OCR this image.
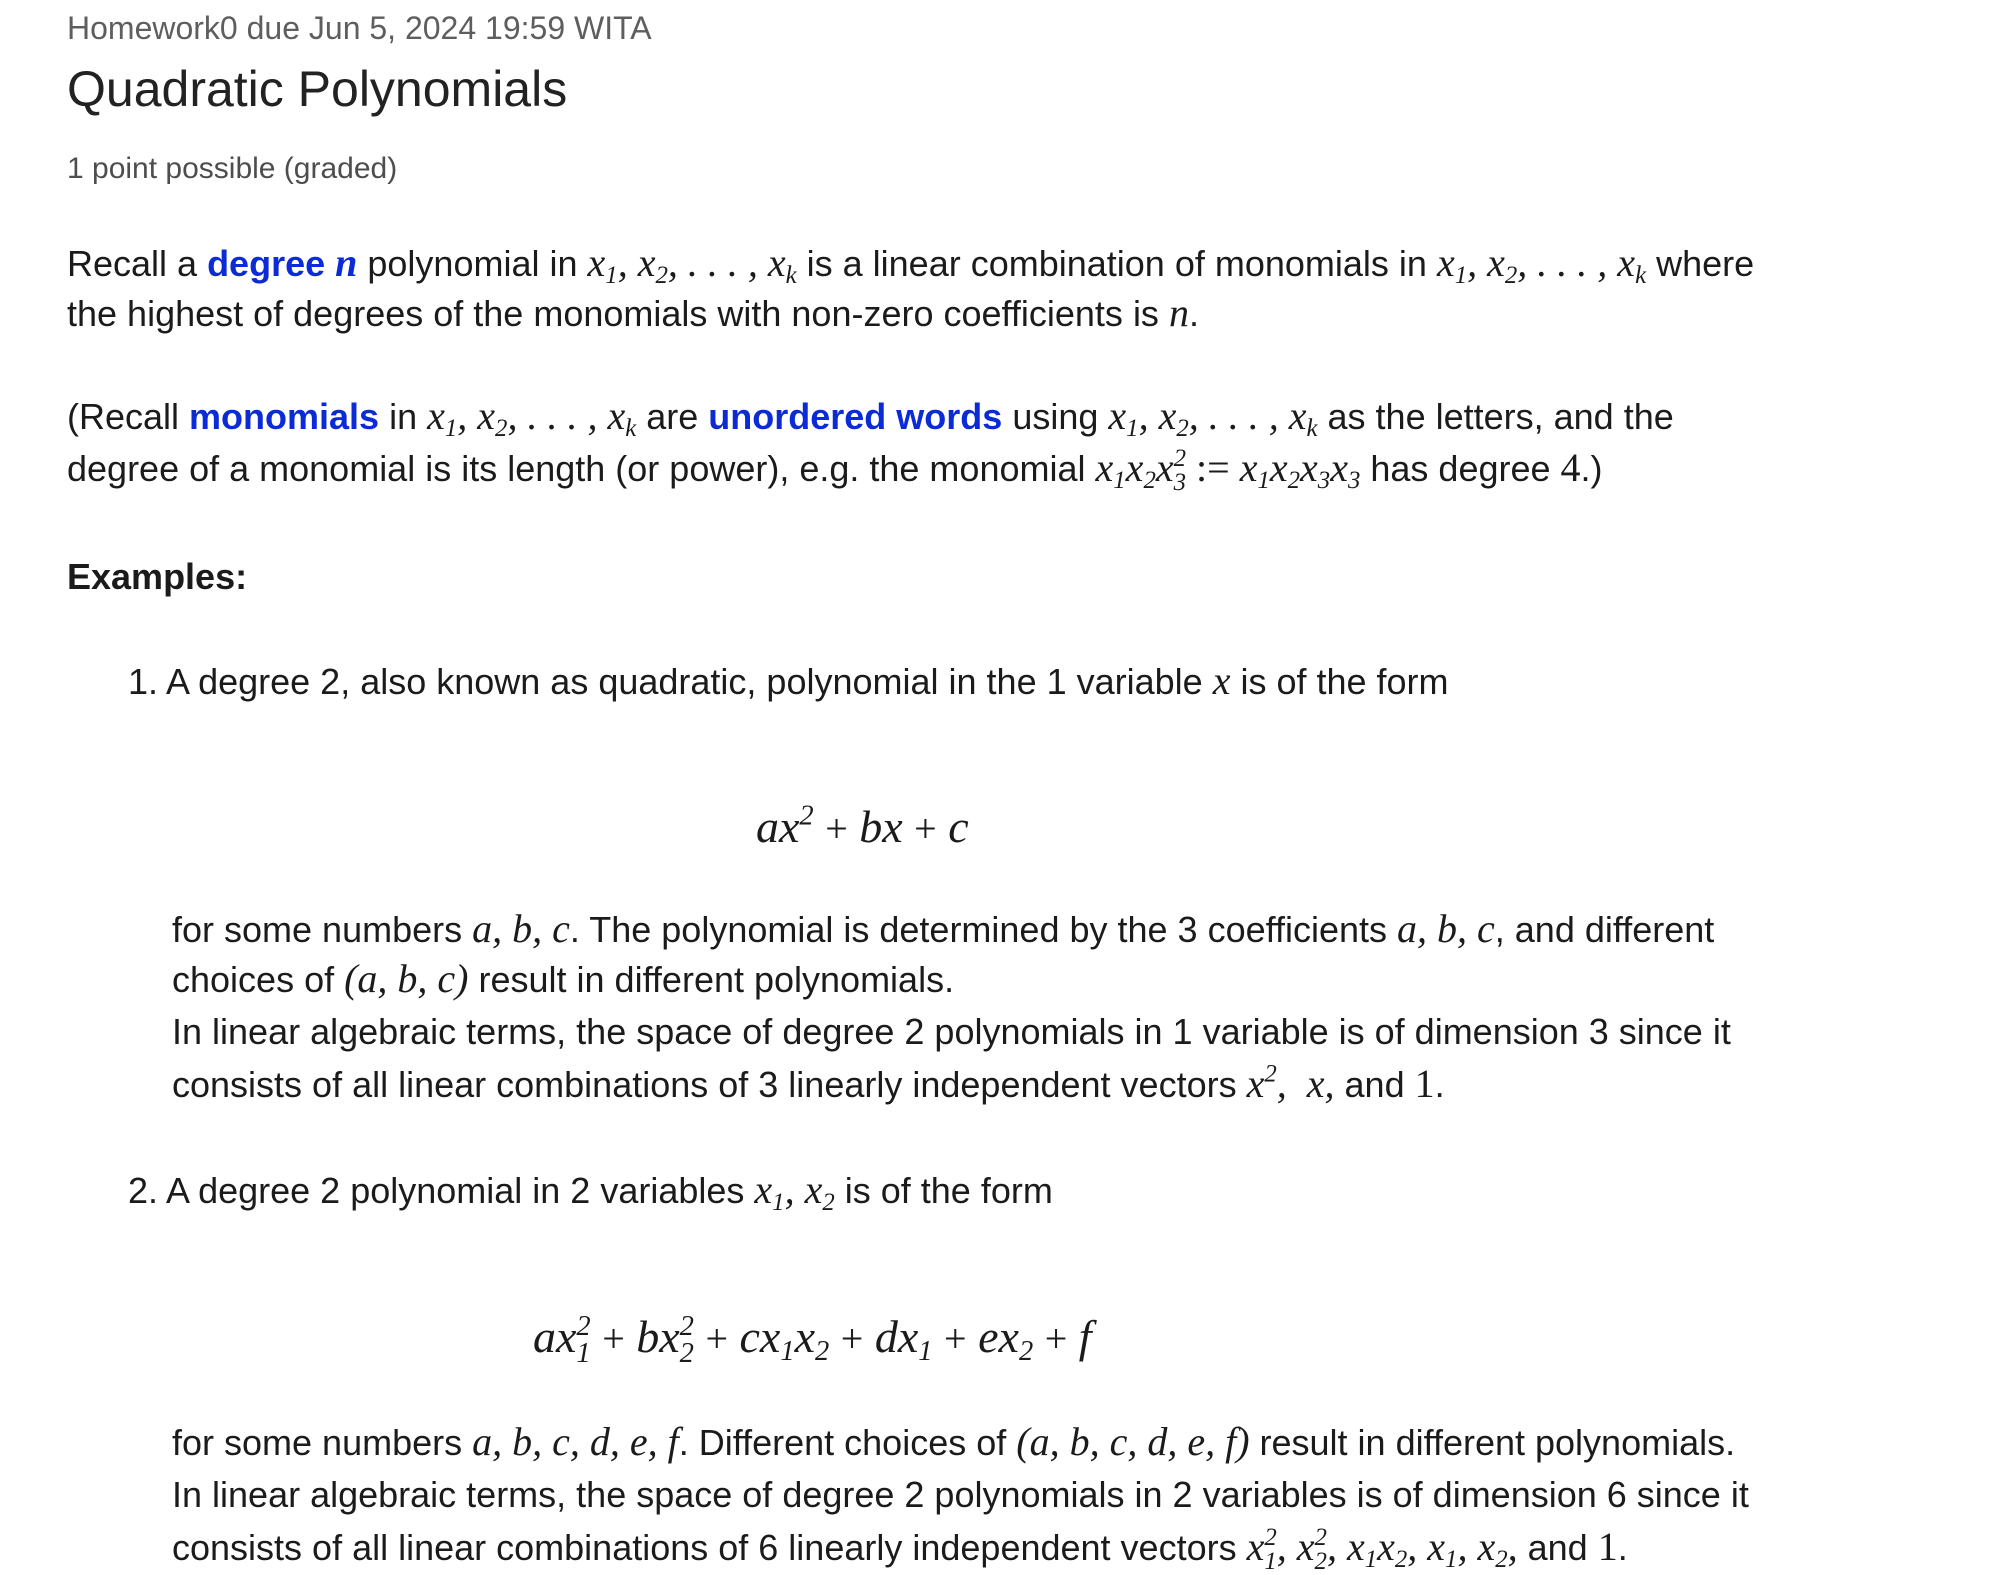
Homework0 due Jun 5, 2024 19:59 WITA
Quadratic Polynomials
1 point possible (graded)
Recall a degree n polynomial in $x_1$, $x_2$, . . . , $x_k$ is a linear combination of monomials in $x_1$, $x_2$, . . . , $x_k$ where
the highest of degrees of the monomials with non-zero coefficients is n.
(Recall monomials in $x_1$, $x_2$, . . . , $x_k$ are unordered words using $x_1$, $x_2$, . . . , $x_k$ as the letters, and the
degree of a monomial is its length (or power), e.g. the monomial $x_1x_2x$ 2
3 := $x_1x_2x_3x_3$ has degree 4.)
Examples:
1. A degree 2, also known as quadratic, polynomial in the 1 variable x is of the form
$ax^2$ + bx + c
for some numbers a, b, c. The polynomial is determined by the 3 coefficients a, b, c, and different
choices of (a, b, c) result in different polynomials.
In linear algebraic terms, the space of degree 2 polynomials in 1 variable is of dimension 3 since it
consists of all linear combinations of 3 linearly independent vectors $x^2$,  x, and 1.
2. A degree 2 polynomial in 2 variables $x_1$, $x_2$ is of the form
ax 2
1 + bx 2
$2 + cx_1x_2 + dx_1 + ex_2 + f$
for some numbers a, b, c, d, e, f. Different choices of (a, b, c, d, e, f) result in different polynomials.
In linear algebraic terms, the space of degree 2 polynomials in 2 variables is of dimension 6 since it
consists of all linear combinations of 6 linearly independent vectors x 2
1 , x 2
2 , $x_1x_2$, $x_1$, $x_2$, and 1.
